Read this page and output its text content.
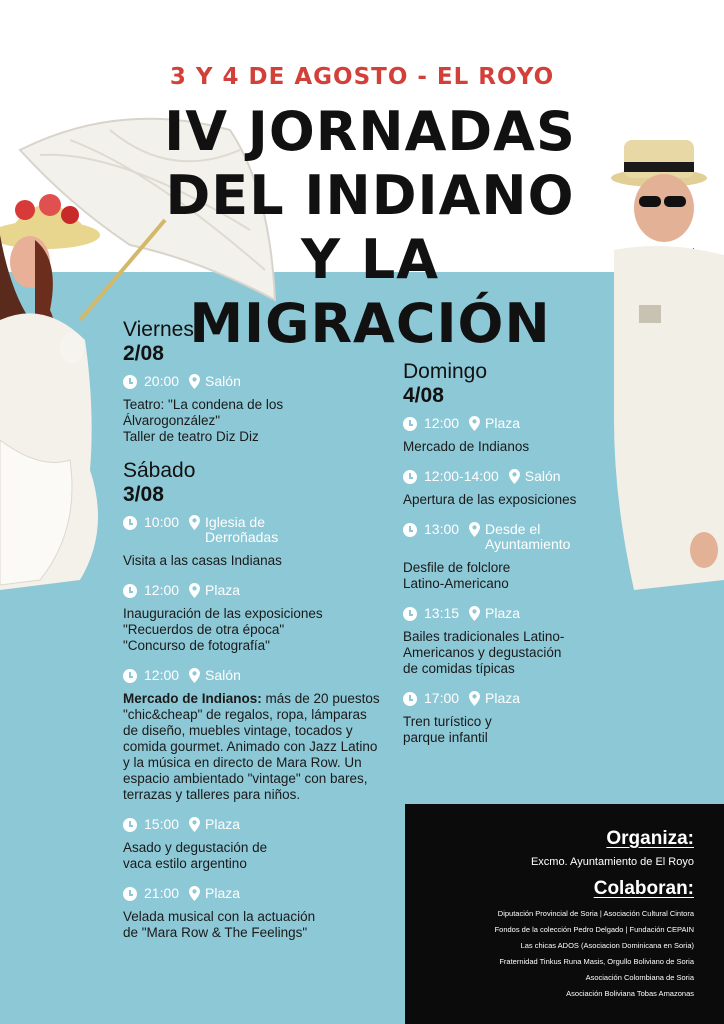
3 Y 4 DE AGOSTO - EL ROYO
IV JORNADAS
DEL INDIANO
Y LA MIGRACIÓN
Viernes
2/08
20:00 Salón
Teatro: "La condena de los Álvarogonzález"
Taller de teatro Diz Diz
Sábado
3/08
10:00 Iglesia de Derroñadas
Visita a las casas Indianas
12:00 Plaza
Inauguración de las exposiciones
"Recuerdos de otra época"
"Concurso de fotografía"
12:00 Salón
Mercado de Indianos: más de 20 puestos "chic&cheap" de regalos, ropa, lámparas de diseño, muebles vintage, tocados y comida gourmet. Animado con Jazz Latino y la música en directo de Mara Row. Un espacio ambientado "vintage" con bares, terrazas y talleres para niños.
15:00 Plaza
Asado y degustación de
vaca estilo argentino
21:00 Plaza
Velada musical con la actuación
de "Mara Row & The Feelings"
Domingo
4/08
12:00 Plaza
Mercado de Indianos
12:00-14:00 Salón
Apertura de las exposiciones
13:00 Desde el Ayuntamiento
Desfile de folclore
Latino-Americano
13:15 Plaza
Bailes tradicionales Latino-
Americanos y degustación
de comidas típicas
17:00 Plaza
Tren turístico y
parque infantil
Organiza:
Excmo. Ayuntamiento de El Royo
Colaboran:
Diputación Provincial de Soria | Asociación Cultural Cintora
Fondos de la colección Pedro Delgado | Fundación CEPAIN
Las chicas ADOS (Asociacion Dominicana en Soria)
Fraternidad Tinkus Runa Masis, Orgullo Boliviano de Soria
Asociación Colombiana de Soria
Asociación Boliviana Tobas Amazonas
